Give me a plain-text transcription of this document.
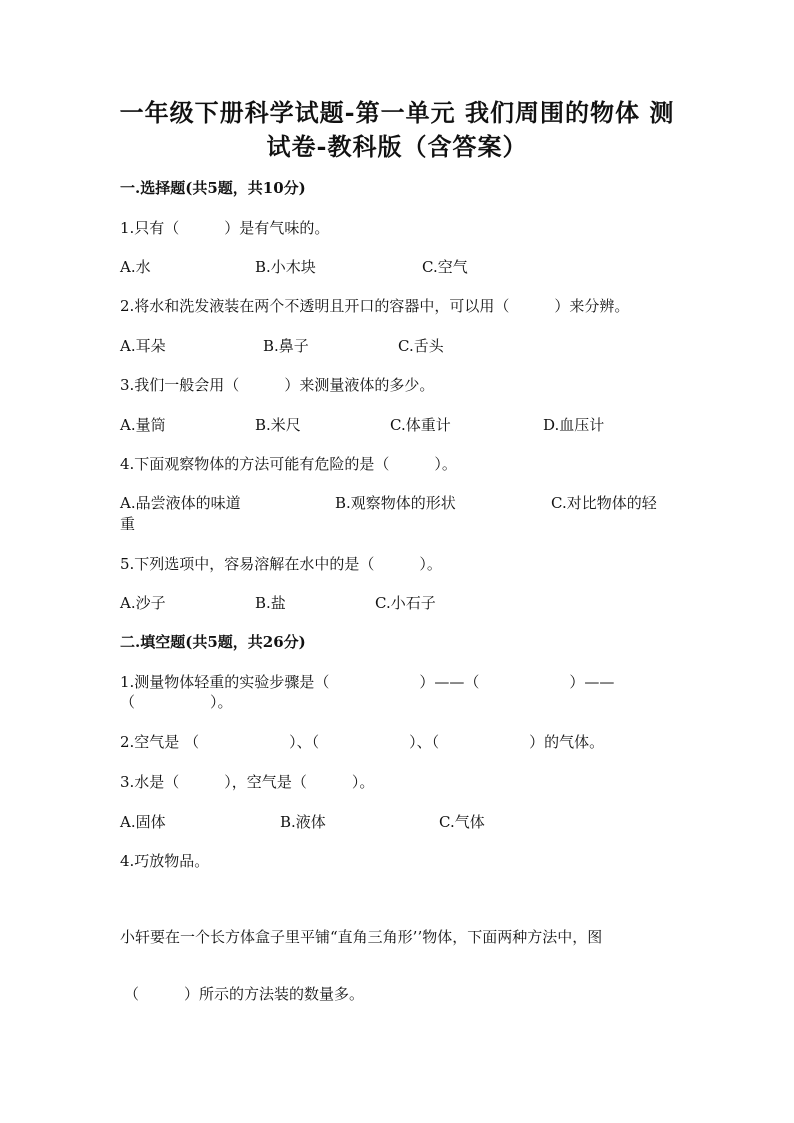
一年级下册科学试题-第一单元 我们周围的物体 测试卷-教科版（含答案）
一.选择题(共5题，共10分)
1.只有（　　　）是有气味的。
A.水	B.小木块	C.空气
2.将水和洗发液装在两个不透明且开口的容器中，可以用（　　　）来分辨。
A.耳朵	B.鼻子	C.舌头
3.我们一般会用（　　　）来测量液体的多少。
A.量筒	B.米尺	C.体重计	D.血压计
4.下面观察物体的方法可能有危险的是（　　　）。
A.品尝液体的味道	B.观察物体的形状	C.对比物体的轻
重
5.下列选项中，容易溶解在水中的是（　　　）。
A.沙子	B.盐	C.小石子
二.填空题(共5题，共26分)
1.测量物体轻重的实验步骤是（　　　　　　）——（　　　　　　）——
（　　　　　）。
2.空气是 （　　　　　　）、（　　　　　　）、（　　　　　　）的气体。
3.水是（　　　），空气是（　　　）。
A.固体	B.液体	C.气体
4.巧放物品。
小轩要在一个长方体盒子里平铺“直角三角形’’物体，下面两种方法中，图
（　　　）所示的方法装的数量多。
